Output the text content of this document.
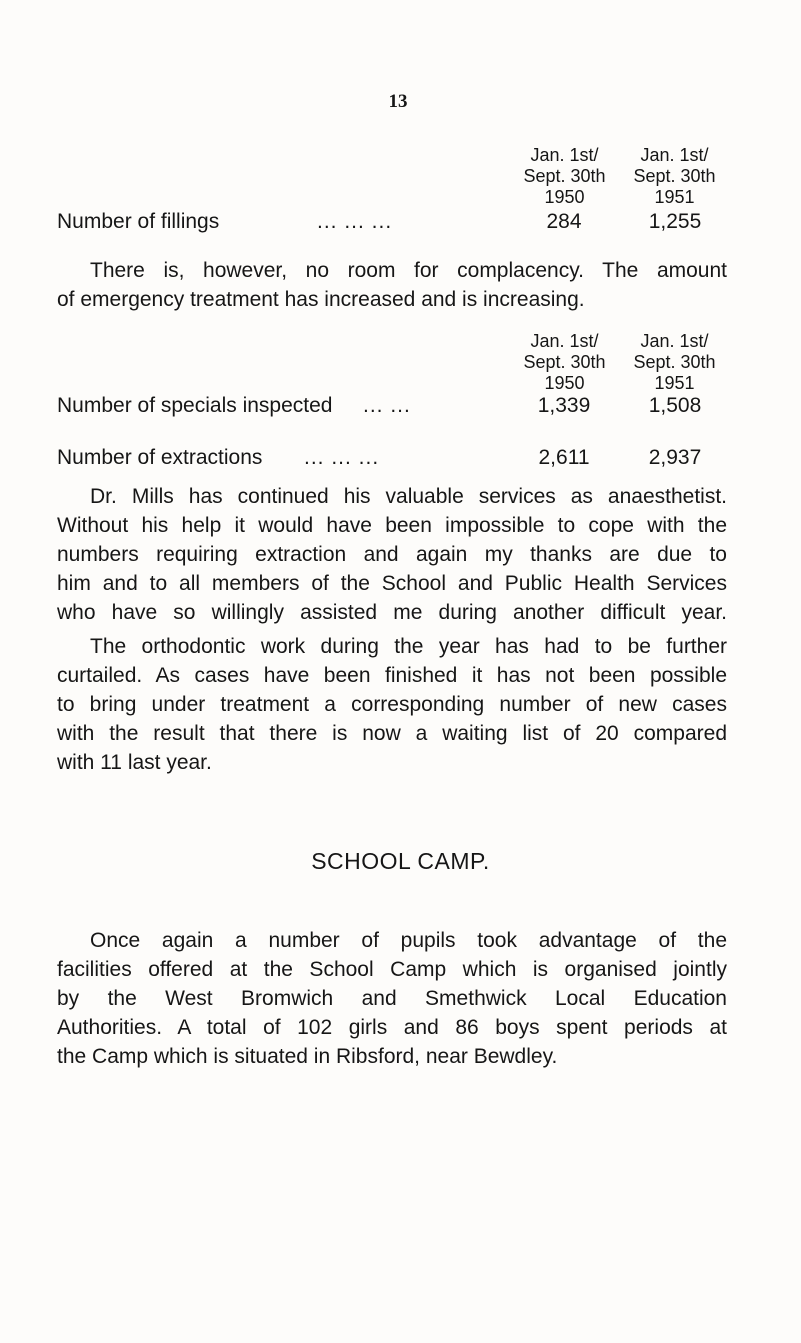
13
Jan. 1st/
Sept. 30th
1950
Jan. 1st/
Sept. 30th
1951
Number of fillings	... ... ...	284	1,255
There is, however, no room for complacency. The amount
of emergency treatment has increased and is increasing.
Jan. 1st/
Sept. 30th
1950
Jan. 1st/
Sept. 30th
1951
Number of specials inspected ... ...	1,339	1,508
Number of extractions ... ... ...	2,611	2,937
Dr. Mills has continued his valuable services as anaesthetist.
Without his help it would have been impossible to cope with the
numbers requiring extraction and again my thanks are due to
him and to all members of the School and Public Health Services
who have so willingly assisted me during another difficult year.
The orthodontic work during the year has had to be further
curtailed. As cases have been finished it has not been possible
to bring under treatment a corresponding number of new cases
with the result that there is now a waiting list of 20 compared
with 11 last year.
SCHOOL CAMP.
Once again a number of pupils took advantage of the
facilities offered at the School Camp which is organised jointly
by the West Bromwich and Smethwick Local Education
Authorities. A total of 102 girls and 86 boys spent periods at
the Camp which is situated in Ribsford, near Bewdley.
